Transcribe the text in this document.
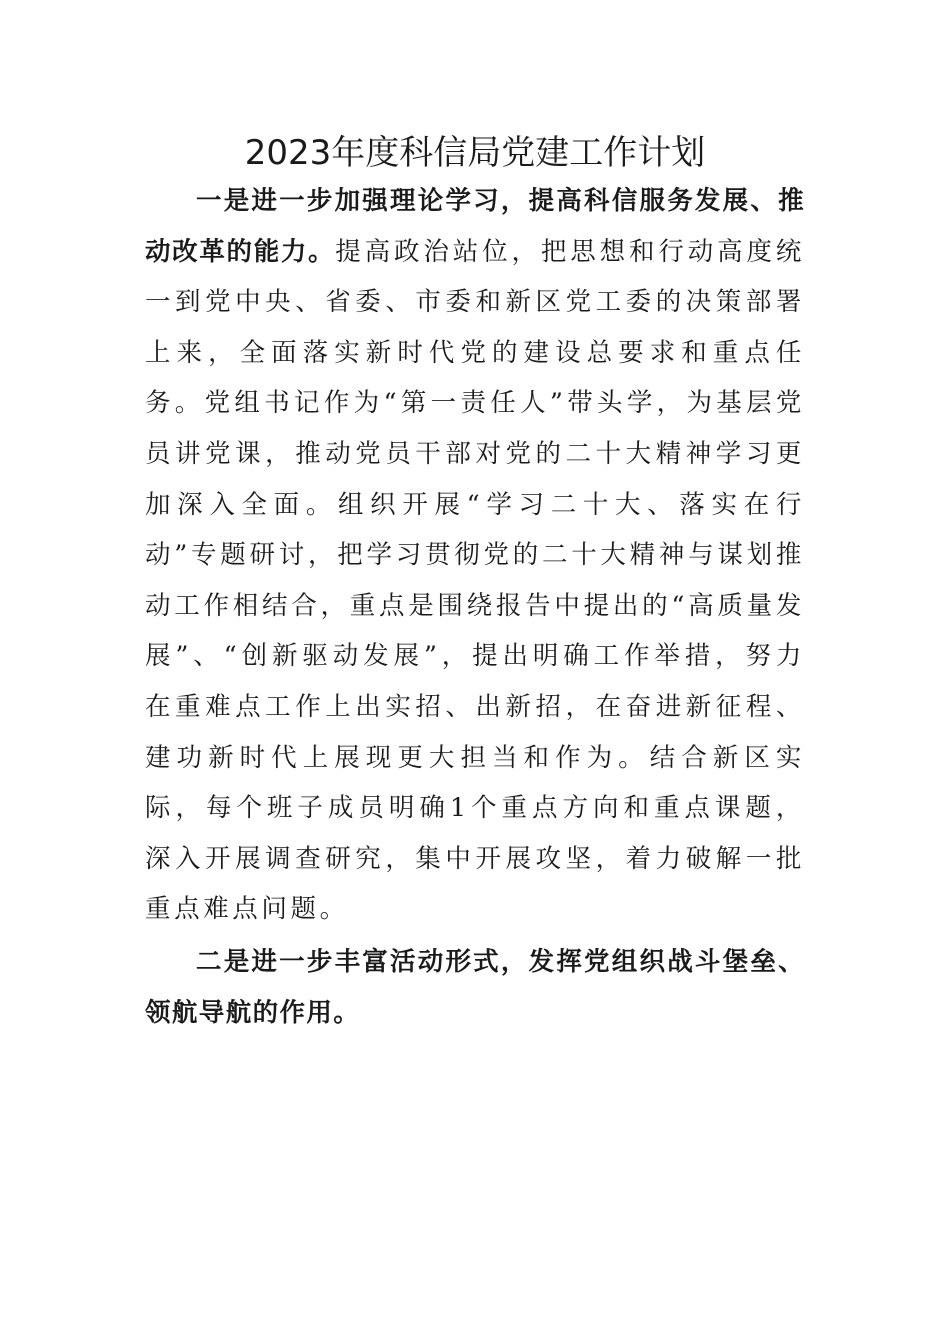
2023年度科信局党建工作计划

一是进一步加强理论学习，提高科信服务发展、推动改革的能力。提高政治站位，把思想和行动高度统一到党中央、省委、市委和新区党工委的决策部署上来，全面落实新时代党的建设总要求和重点任务。党组书记作为“第一责任人”带头学，为基层党员讲党课，推动党员干部对党的二十大精神学习更加深入全面。组织开展“学习二十大、落实在行动”专题研讨，把学习贯彻党的二十大精神与谋划推动工作相结合，重点是围绕报告中提出的“高质量发展”、“创新驱动发展”，提出明确工作举措，努力在重难点工作上出实招、出新招，在奋进新征程、建功新时代上展现更大担当和作为。结合新区实际，每个班子成员明确1个重点方向和重点课题，深入开展调查研究，集中开展攻坚，着力破解一批重点难点问题。

二是进一步丰富活动形式，发挥党组织战斗堡垒、领航导航的作用。
